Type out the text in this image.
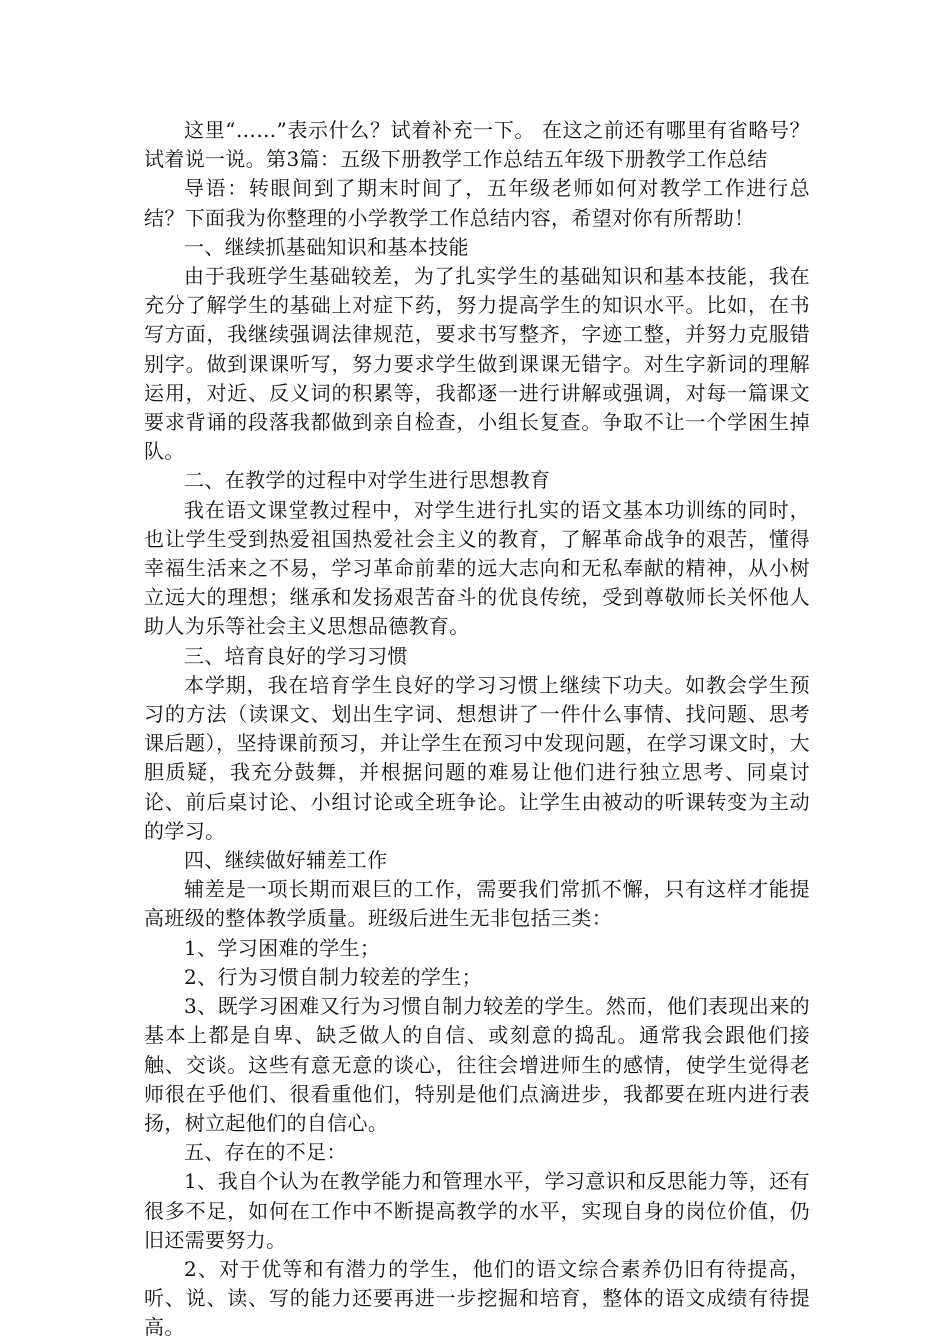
这里“……”表示什么？试着补充一下。 在这之前还有哪里有省略号？试着说一说。第3篇：五级下册教学工作总结五年级下册教学工作总结

导语：转眼间到了期末时间了，五年级老师如何对教学工作进行总结？下面我为你整理的小学教学工作总结内容，希望对你有所帮助！

一、继续抓基础知识和基本技能

由于我班学生基础较差，为了扎实学生的基础知识和基本技能，我在充分了解学生的基础上对症下药，努力提高学生的知识水平。比如，在书写方面，我继续强调法律规范，要求书写整齐，字迹工整，并努力克服错别字。做到课课听写，努力要求学生做到课课无错字。对生字新词的理解运用，对近、反义词的积累等，我都逐一进行讲解或强调，对每一篇课文要求背诵的段落我都做到亲自检查，小组长复查。争取不让一个学困生掉队。

二、在教学的过程中对学生进行思想教育

我在语文课堂教过程中，对学生进行扎实的语文基本功训练的同时，也让学生受到热爱祖国热爱社会主义的教育，了解革命战争的艰苦，懂得幸福生活来之不易，学习革命前辈的远大志向和无私奉献的精神，从小树立远大的理想；继承和发扬艰苦奋斗的优良传统，受到尊敬师长关怀他人助人为乐等社会主义思想品德教育。

三、培育良好的学习习惯

本学期，我在培育学生良好的学习习惯上继续下功夫。如教会学生预习的方法（读课文、划出生字词、想想讲了一件什么事情、找问题、思考课后题），坚持课前预习，并让学生在预习中发现问题，在学习课文时，大胆质疑，我充分鼓舞，并根据问题的难易让他们进行独立思考、同桌讨论、前后桌讨论、小组讨论或全班争论。让学生由被动的听课转变为主动的学习。

四、继续做好辅差工作

辅差是一项长期而艰巨的工作，需要我们常抓不懈，只有这样才能提高班级的整体教学质量。班级后进生无非包括三类：

1、学习困难的学生；

2、行为习惯自制力较差的学生；

3、既学习困难又行为习惯自制力较差的学生。然而，他们表现出来的基本上都是自卑、缺乏做人的自信、或刻意的捣乱。通常我会跟他们接触、交谈。这些有意无意的谈心，往往会增进师生的感情，使学生觉得老师很在乎他们、很看重他们，特别是他们点滴进步，我都要在班内进行表扬，树立起他们的自信心。

五、存在的不足：

1、我自个认为在教学能力和管理水平，学习意识和反思能力等，还有很多不足，如何在工作中不断提高教学的水平，实现自身的岗位价值，仍旧还需要努力。

2、对于优等和有潜力的学生，他们的语文综合素养仍旧有待提高，听、说、读、写的能力还要再进一步挖掘和培育，整体的语文成绩有待提高。
